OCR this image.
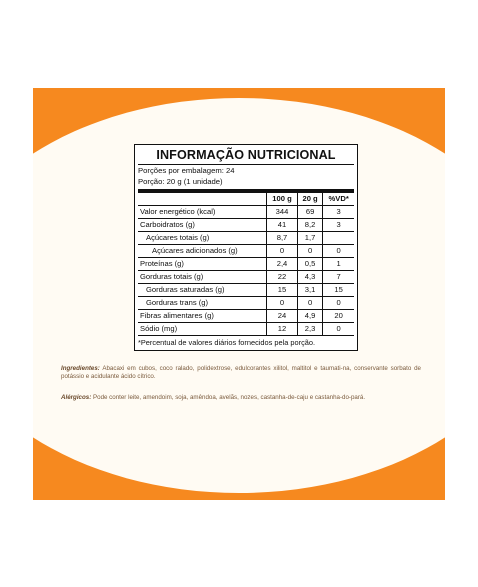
INFORMAÇÃO NUTRICIONAL
Porções por embalagem: 24
Porção: 20 g (1 unidade)
	100 g	20 g	%VD*
Valor energético (kcal)	344	69	3
Carboidratos (g)	41	8,2	3
Açúcares totais (g)	8,7	1,7	
Açúcares adicionados (g)	0	0	0
Proteínas (g)	2,4	0,5	1
Gorduras totais (g)	22	4,3	7
Gorduras saturadas (g)	15	3,1	15
Gorduras trans (g)	0	0	0
Fibras alimentares (g)	24	4,9	20
Sódio (mg)	12	2,3	0
*Percentual de valores diários fornecidos pela porção.
Ingredientes: Abacaxi em cubos, coco ralado, polidextrose, edulcorantes xilitol, maltitol e taumati-na, conservante sorbato de potássio e acidulante ácido cítrico.
Alérgicos: Pode conter leite, amendoim, soja, amêndoa, avelãs, nozes, castanha-de-caju e castanha-do-pará.
